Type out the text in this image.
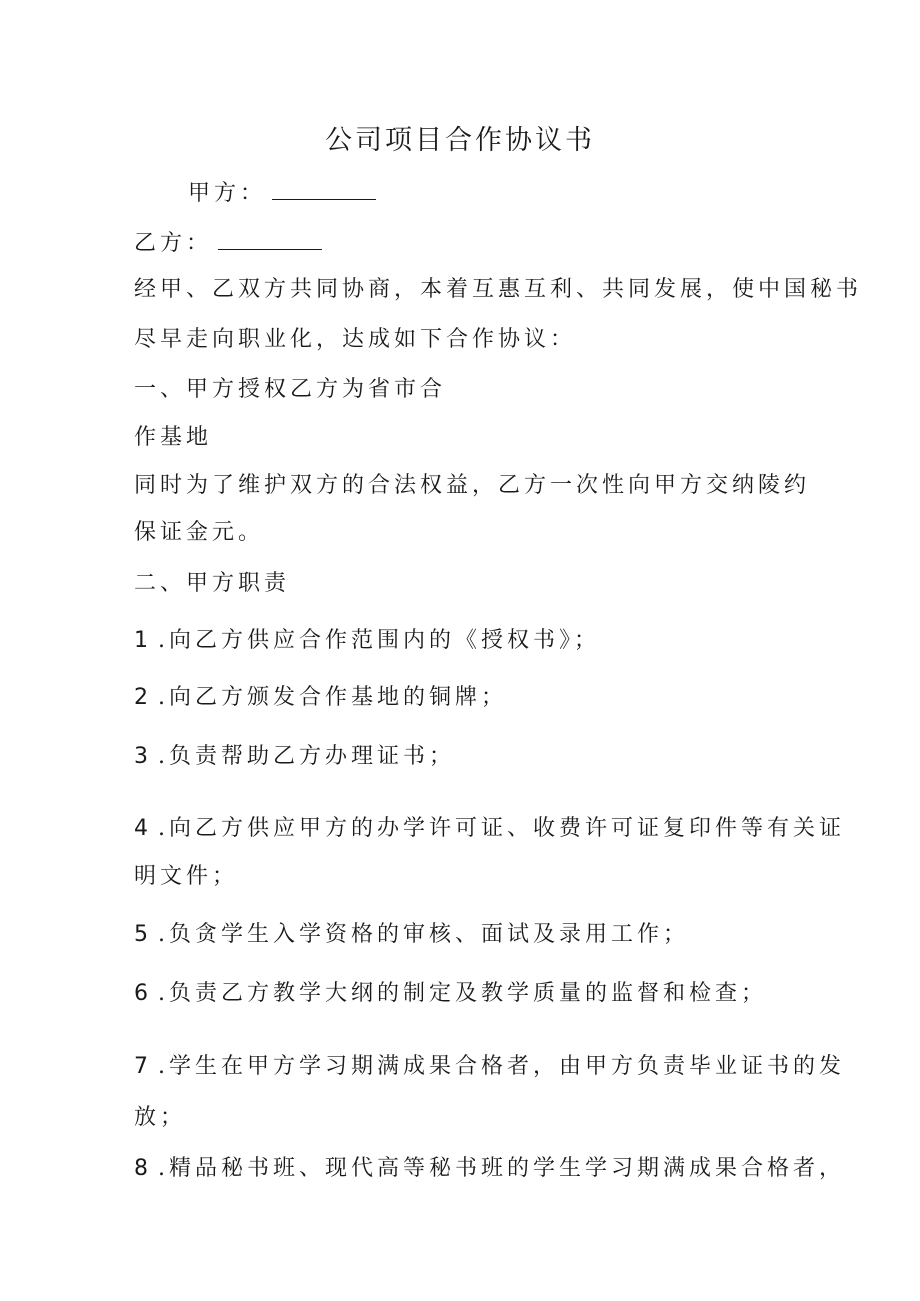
公司项目合作协议书
甲方：
乙方：
经甲、乙双方共同协商，本着互惠互利、共同发展，使中国秘书
尽早走向职业化，达成如下合作协议：
一、甲方授权乙方为省市合
作基地
同时为了维护双方的合法权益，乙方一次性向甲方交纳陵约
保证金元。
二、甲方职责
1 .向乙方供应合作范围内的《授权书》；
2 .向乙方颁发合作基地的铜牌；
3 .负责帮助乙方办理证书；
4 .向乙方供应甲方的办学许可证、收费许可证复印件等有关证
明文件；
5 .负贪学生入学资格的审核、面试及录用工作；
6 .负责乙方教学大纲的制定及教学质量的监督和检查；
7 .学生在甲方学习期满成果合格者，由甲方负责毕业证书的发
放；
8 .精品秘书班、现代高等秘书班的学生学习期满成果合格者，
